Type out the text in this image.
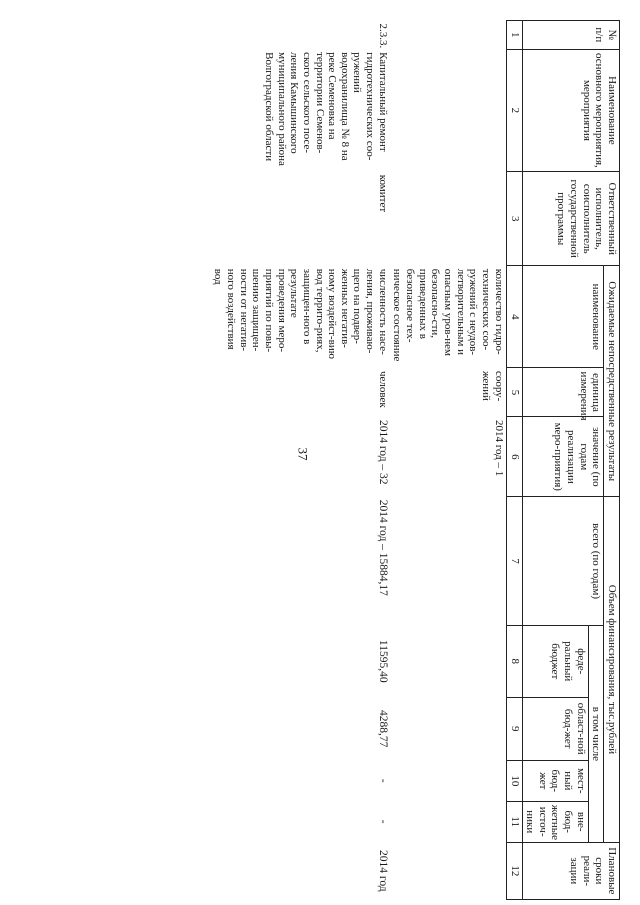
37
№ п/п	Наименование основного мероприятия, мероприятия	Ответственный исполнитель, соисполнитель государственной программы	Ожидаемые непосредственные результаты			Объем финансирования, тыс.рублей					Плановые сроки реали-зации
			наименование	единица измерения	значение (по годам реализации меро-приятия)	всего (по годам)	в том числе				
							феде-ральный бюджет	област-ной бюд-жет	мест-ный бюд-жет	вне-бюд-жетные источ-ники	
1	2	3	4	5	6	7	8	9	10	11	12
			количество гидро-технических соо-ружений с неудов-летворительным и опасным уров-нем безопасно-сти, приведенных в безопасное тех-ническое состояние	соору-жений	2014 год – 1						
2.3.3.	Капитальный ремонт гидротехнических соо-ружений водохранилища № 8 на реке Семеновка на территории Семенов-ского сельского посе-ления Камышинского муниципального района Волгоградской области	комитет	численность насе-ления, проживаю-щего на подвер-женных негатив-ному воздейст-вию вод террито-риях, защищен-ного в результате проведения меро-приятий по повы-шению защищен-ности от негатив-ного воздействия вод	человек	2014 год – 32	2014 год – 15884,17	11595,40	4288,77	-	-	2014 год
